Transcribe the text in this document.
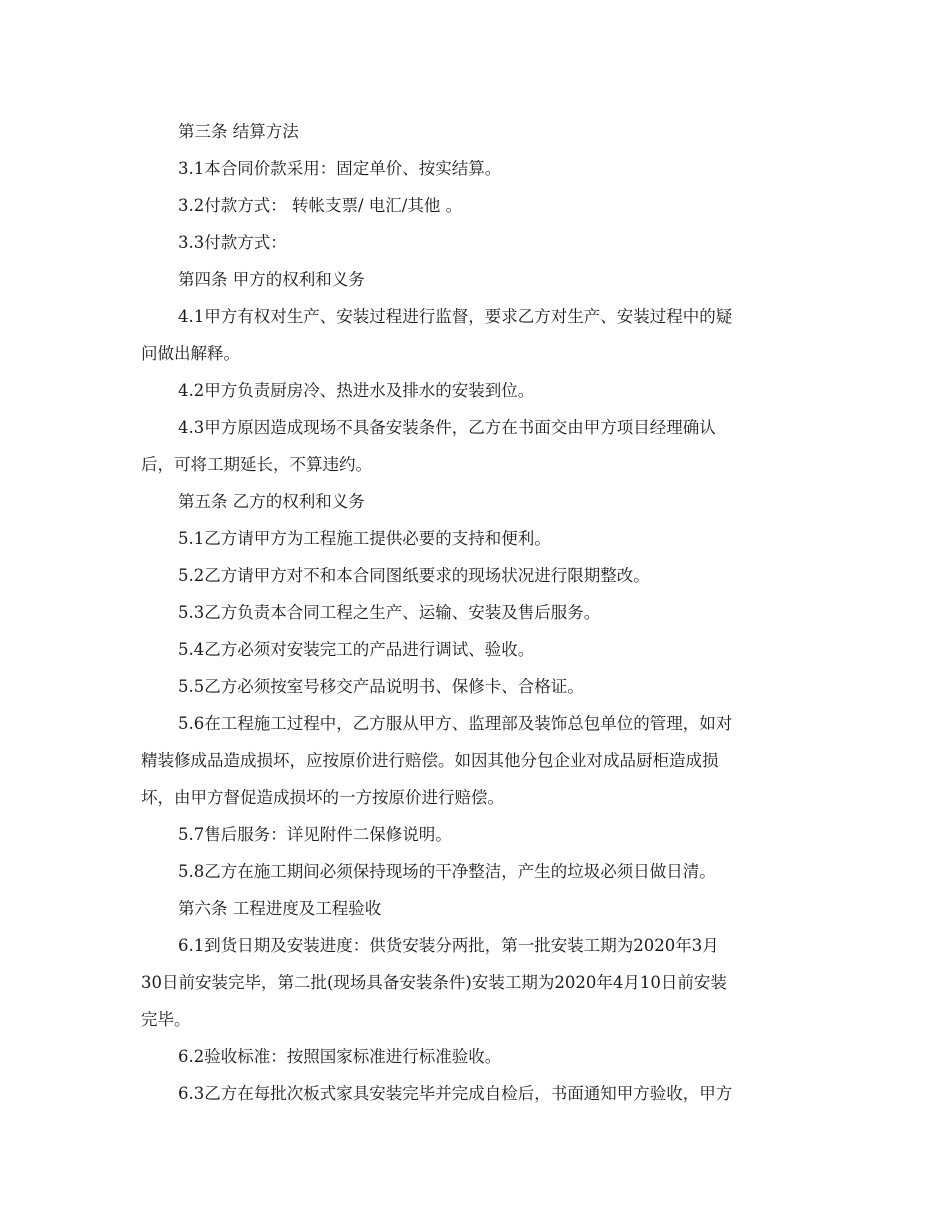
第三条 结算方法

3.1本合同价款采用：固定单价、按实结算。

3.2付款方式： 转帐支票/ 电汇/其他 。

3.3付款方式：

第四条 甲方的权利和义务

4.1甲方有权对生产、安装过程进行监督，要求乙方对生产、安装过程中的疑
问做出解释。

4.2甲方负责厨房冷、热进水及排水的安装到位。

4.3甲方原因造成现场不具备安装条件，乙方在书面交由甲方项目经理确认
后，可将工期延长，不算违约。

第五条 乙方的权利和义务

5.1乙方请甲方为工程施工提供必要的支持和便利。

5.2乙方请甲方对不和本合同图纸要求的现场状况进行限期整改。

5.3乙方负责本合同工程之生产、运输、安装及售后服务。

5.4乙方必须对安装完工的产品进行调试、验收。

5.5乙方必须按室号移交产品说明书、保修卡、合格证。

5.6在工程施工过程中，乙方服从甲方、监理部及装饰总包单位的管理，如对
精装修成品造成损坏，应按原价进行赔偿。如因其他分包企业对成品厨柜造成损
坏，由甲方督促造成损坏的一方按原价进行赔偿。

5.7售后服务：详见附件二保修说明。

5.8乙方在施工期间必须保持现场的干净整洁，产生的垃圾必须日做日清。

第六条 工程进度及工程验收

6.1到货日期及安装进度：供货安装分两批，第一批安装工期为2020年3月
30日前安装完毕，第二批(现场具备安装条件)安装工期为2020年4月10日前安装
完毕。

6.2验收标准：按照国家标准进行标准验收。

6.3乙方在每批次板式家具安装完毕并完成自检后，书面通知甲方验收，甲方
